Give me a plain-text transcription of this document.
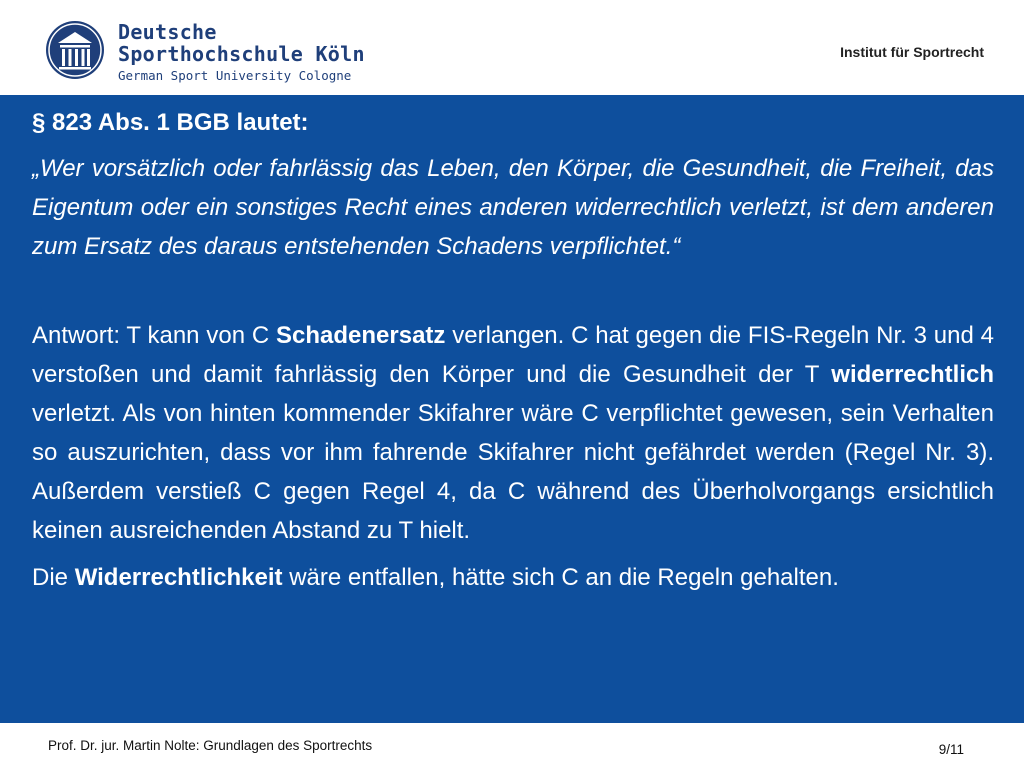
Deutsche
Sporthochschule Köln
German Sport University Cologne
Institut für Sportrecht
§ 823 Abs. 1 BGB lautet:

„Wer vorsätzlich oder fahrlässig das Leben, den Körper, die Gesundheit, die Freiheit, das Eigentum oder ein sonstiges Recht eines anderen widerrechtlich verletzt, ist dem anderen zum Ersatz des daraus entstehenden Schadens verpflichtet.“

Antwort: T kann von C Schadenersatz verlangen. C hat gegen die FIS-Regeln Nr. 3 und 4 verstoßen und damit fahrlässig den Körper und die Gesundheit der T widerrechtlich verletzt. Als von hinten kommender Skifahrer wäre C verpflichtet gewesen, sein Verhalten so auszurichten, dass vor ihm fahrende Skifahrer nicht gefährdet werden (Regel Nr. 3). Außerdem verstieß C gegen Regel 4, da C während des Überholvorgangs ersichtlich keinen ausreichenden Abstand zu T hielt.

Die Widerrechtlichkeit wäre entfallen, hätte sich C an die Regeln gehalten.

Prof. Dr. jur. Martin Nolte: Grundlagen des Sportrechts	9/11
